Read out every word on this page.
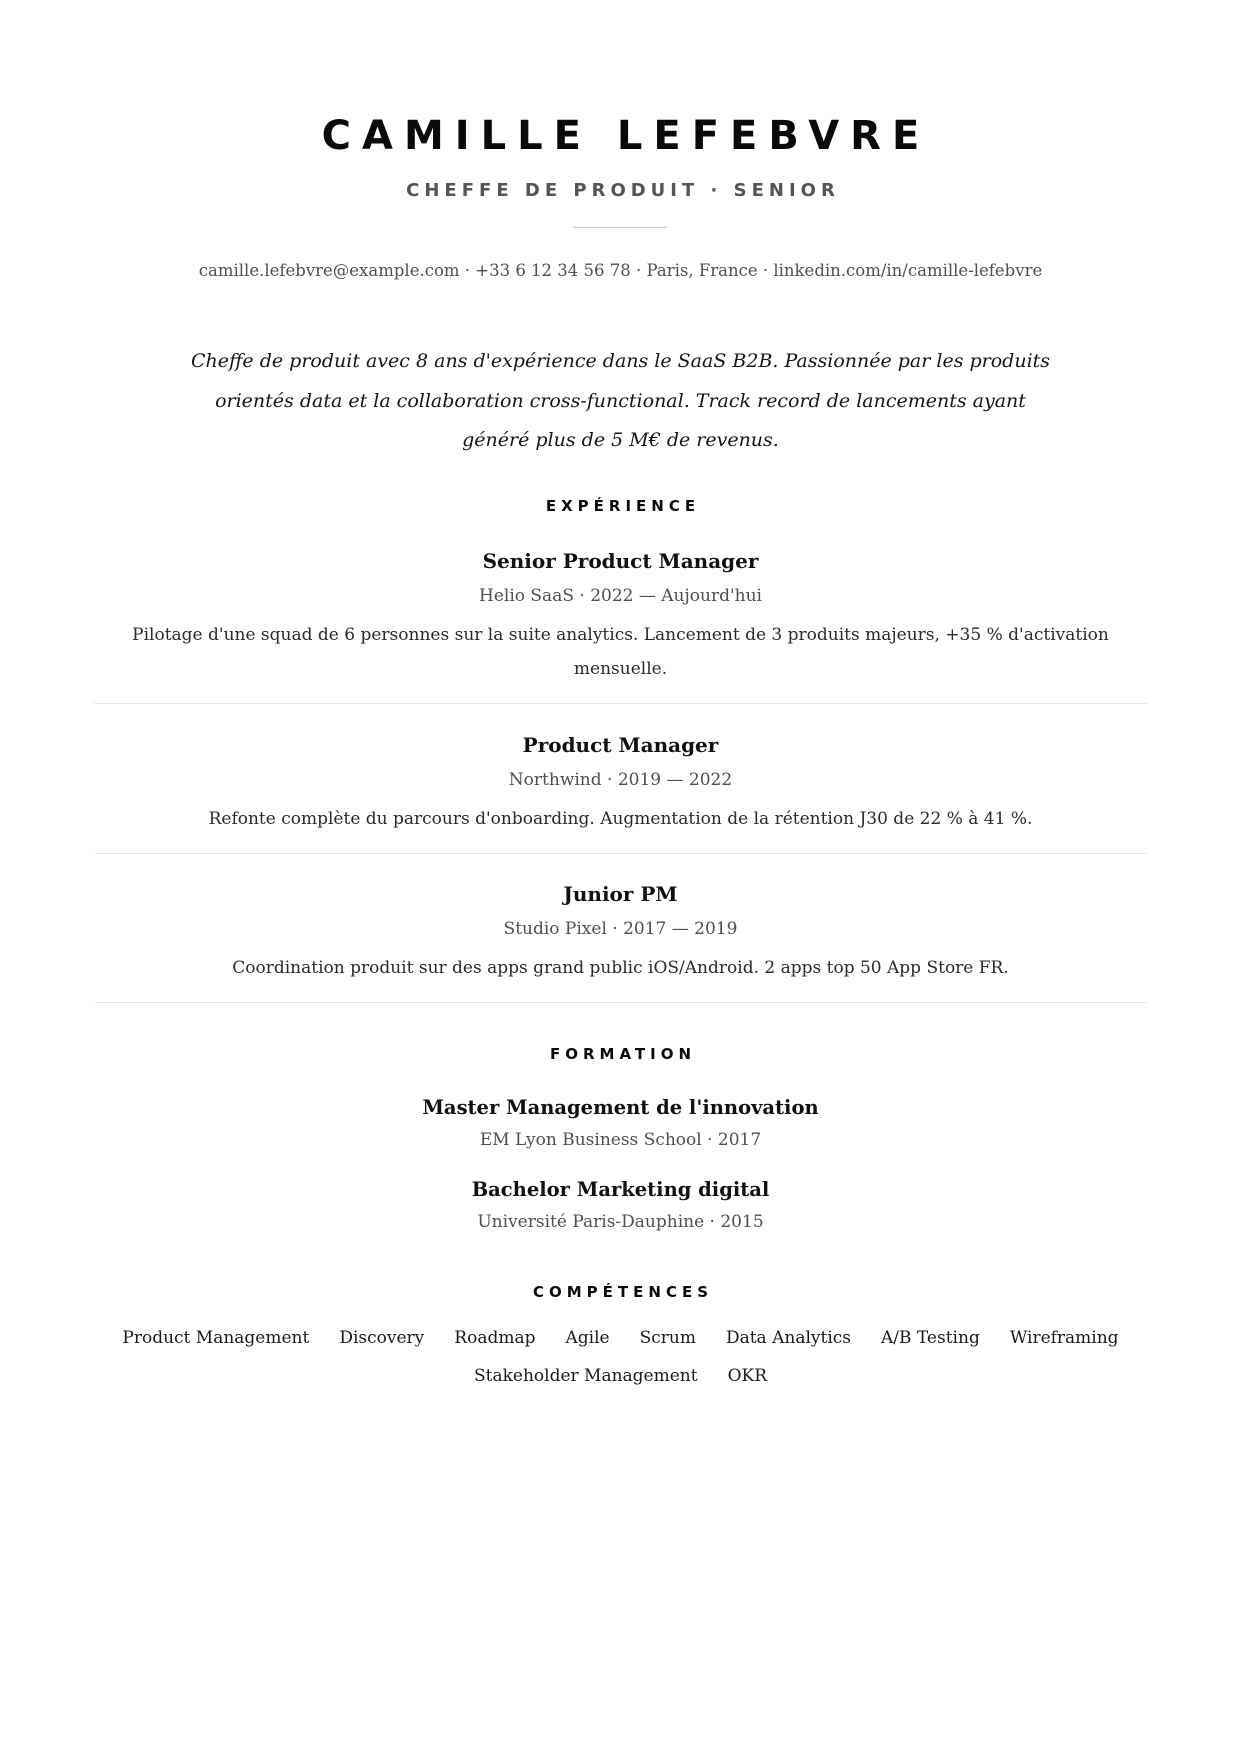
CAMILLE LEFEBVRE
CHEFFE DE PRODUIT · SENIOR
camille.lefebvre@example.com · +33 6 12 34 56 78 · Paris, France · linkedin.com/in/camille-lefebvre
Cheffe de produit avec 8 ans d'expérience dans le SaaS B2B. Passionnée par les produits orientés data et la collaboration cross-functional. Track record de lancements ayant généré plus de 5 M€ de revenus.
EXPÉRIENCE
Senior Product Manager
Helio SaaS · 2022 — Aujourd'hui
Pilotage d'une squad de 6 personnes sur la suite analytics. Lancement de 3 produits majeurs, +35 % d'activation mensuelle.
Product Manager
Northwind · 2019 — 2022
Refonte complète du parcours d'onboarding. Augmentation de la rétention J30 de 22 % à 41 %.
Junior PM
Studio Pixel · 2017 — 2019
Coordination produit sur des apps grand public iOS/Android. 2 apps top 50 App Store FR.
FORMATION
Master Management de l'innovation
EM Lyon Business School · 2017
Bachelor Marketing digital
Université Paris-Dauphine · 2015
COMPÉTENCES
Product Management Discovery Roadmap Agile Scrum Data Analytics A/B Testing Wireframing
Stakeholder Management OKR
